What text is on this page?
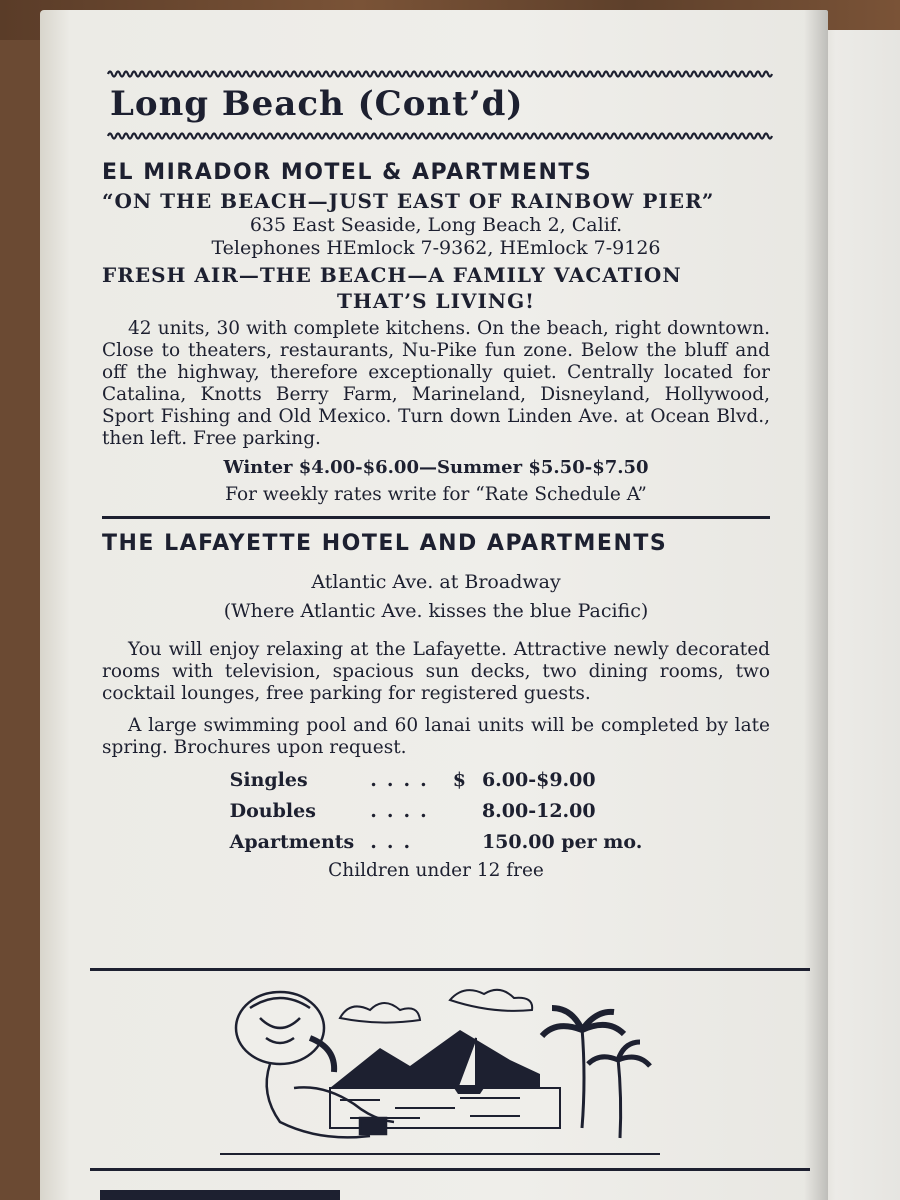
Long Beach (Cont’d)
EL MIRADOR MOTEL & APARTMENTS
“ON THE BEACH—JUST EAST OF RAINBOW PIER”
635 East Seaside, Long Beach 2, Calif.
Telephones HEmlock 7-9362, HEmlock 7-9126
FRESH AIR—THE BEACH—A FAMILY VACATION
THAT’S LIVING!

42 units, 30 with complete kitchens. On the beach, right downtown. Close to theaters, restaurants, Nu-Pike fun zone. Below the bluff and off the highway, therefore exceptionally quiet. Centrally located for Catalina, Knotts Berry Farm, Marineland, Disneyland, Hollywood, Sport Fishing and Old Mexico. Turn down Linden Ave. at Ocean Blvd., then left. Free parking.

Winter $4.00-$6.00—Summer $5.50-$7.50
For weekly rates write for “Rate Schedule A”
THE LAFAYETTE HOTEL AND APARTMENTS
Atlantic Ave. at Broadway
(Where Atlantic Ave. kisses the blue Pacific)

You will enjoy relaxing at the Lafayette. Attractive newly decorated rooms with television, spacious sun decks, two dining rooms, two cocktail lounges, free parking for registered guests.

A large swimming pool and 60 lanai units will be completed by late spring. Brochures upon request.

Singles	....	$	6.00-$9.00
Doubles	....		8.00-12.00
Apartments	...		150.00 per mo.
Children under 12 free
